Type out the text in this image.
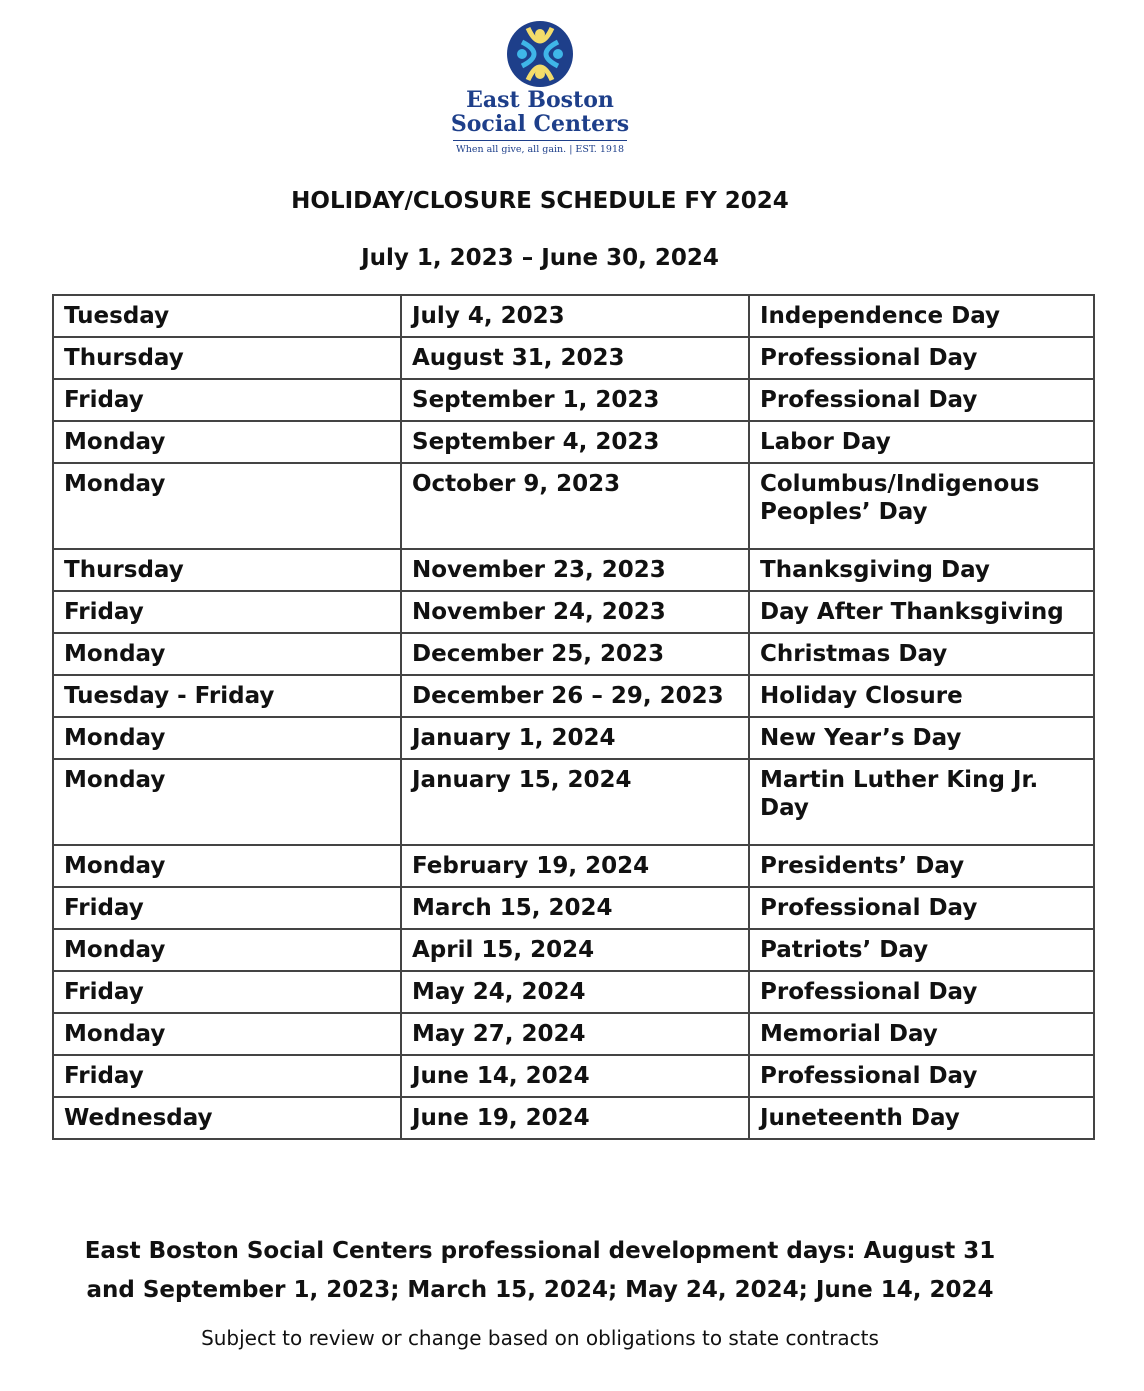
East Boston
Social Centers
When all give, all gain. | EST. 1918
HOLIDAY/CLOSURE SCHEDULE FY 2024
July 1, 2023 – June 30, 2024
Tuesday	July 4, 2023	Independence Day
Thursday	August 31, 2023	Professional Day
Friday	September 1, 2023	Professional Day
Monday	September 4, 2023	Labor Day
Monday	October 9, 2023	Columbus/Indigenous Peoples’ Day
Thursday	November 23, 2023	Thanksgiving Day
Friday	November 24, 2023	Day After Thanksgiving
Monday	December 25, 2023	Christmas Day
Tuesday - Friday	December 26 – 29, 2023	Holiday Closure
Monday	January 1, 2024	New Year’s Day
Monday	January 15, 2024	Martin Luther King Jr. Day
Monday	February 19, 2024	Presidents’ Day
Friday	March 15, 2024	Professional Day
Monday	April 15, 2024	Patriots’ Day
Friday	May 24, 2024	Professional Day
Monday	May 27, 2024	Memorial Day
Friday	June 14, 2024	Professional Day
Wednesday	June 19, 2024	Juneteenth Day
East Boston Social Centers professional development days: August 31 and September 1, 2023; March 15, 2024; May 24, 2024; June 14, 2024
Subject to review or change based on obligations to state contracts
